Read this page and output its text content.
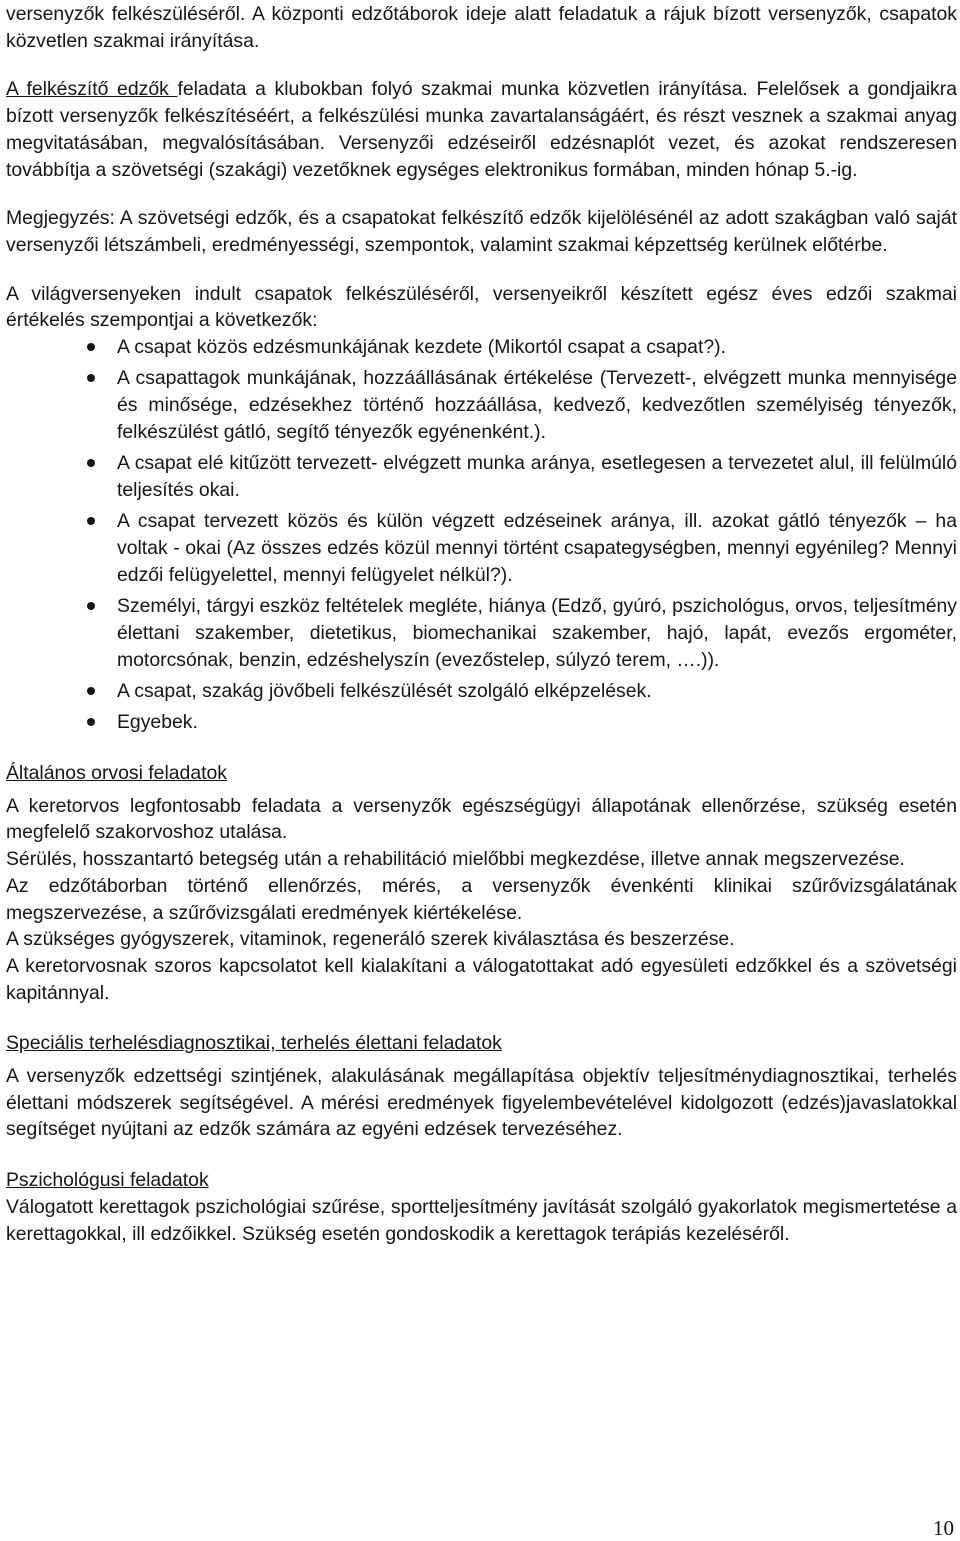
versenyzők felkészüléséről. A központi edzőtáborok ideje alatt feladatuk a rájuk bízott versenyzők, csapatok közvetlen szakmai irányítása.

A felkészítő edzők feladata a klubokban folyó szakmai munka közvetlen irányítása. Felelősek a gondjaikra bízott versenyzők felkészítéséért, a felkészülési munka zavartalanságáért, és részt vesznek a szakmai anyag megvitatásában, megvalósításában. Versenyzői edzéseiről edzésnaplót vezet, és azokat rendszeresen továbbítja a szövetségi (szakági) vezetőknek egységes elektronikus formában, minden hónap 5.-ig.

Megjegyzés: A szövetségi edzők, és a csapatokat felkészítő edzők kijelölésénél az adott szakágban való saját versenyzői létszámbeli, eredményességi, szempontok, valamint szakmai képzettség kerülnek előtérbe.

A világversenyeken indult csapatok felkészüléséről, versenyeikről készített egész éves edzői szakmai értékelés szempontjai a következők:

A csapat közös edzésmunkájának kezdete (Mikortól csapat a csapat?).
A csapattagok munkájának, hozzáállásának értékelése (Tervezett-, elvégzett munka mennyisége és minősége, edzésekhez történő hozzáállása, kedvező, kedvezőtlen személyiség tényezők, felkészülést gátló, segítő tényezők egyénenként.).
A csapat elé kitűzött tervezett- elvégzett munka aránya, esetlegesen a tervezetet alul, ill felülmúló teljesítés okai.
A csapat tervezett közös és külön végzett edzéseinek aránya, ill. azokat gátló tényezők – ha voltak - okai (Az összes edzés közül mennyi történt csapategységben, mennyi egyénileg? Mennyi edzői felügyelettel, mennyi felügyelet nélkül?).
Személyi, tárgyi eszköz feltételek megléte, hiánya (Edző, gyúró, pszichológus, orvos, teljesítmény élettani szakember, dietetikus, biomechanikai szakember, hajó, lapát, evezős ergométer, motorcsónak, benzin, edzéshelyszín (evezőstelep, súlyzó terem, ….)).
A csapat, szakág jövőbeli felkészülését szolgáló elképzelések.
Egyebek.

Általános orvosi feladatok

A keretorvos legfontosabb feladata a versenyzők egészségügyi állapotának ellenőrzése, szükség esetén megfelelő szakorvoshoz utalása.

Sérülés, hosszantartó betegség után a rehabilitáció mielőbbi megkezdése, illetve annak megszervezése.

Az edzőtáborban történő ellenőrzés, mérés, a versenyzők évenkénti klinikai szűrővizsgálatának megszervezése, a szűrővizsgálati eredmények kiértékelése.

A szükséges gyógyszerek, vitaminok, regeneráló szerek kiválasztása és beszerzése.

A keretorvosnak szoros kapcsolatot kell kialakítani a válogatottakat adó egyesületi edzőkkel és a szövetségi kapitánnyal.

Speciális terhelésdiagnosztikai, terhelés élettani feladatok

A versenyzők edzettségi szintjének, alakulásának megállapítása objektív teljesítménydiagnosztikai, terhelés élettani módszerek segítségével. A mérési eredmények figyelembevételével kidolgozott (edzés)javaslatokkal segítséget nyújtani az edzők számára az egyéni edzések tervezéséhez.

Pszichológusi feladatok

Válogatott kerettagok pszichológiai szűrése, sportteljesítmény javítását szolgáló gyakorlatok megismertetése a kerettagokkal, ill edzőikkel. Szükség esetén gondoskodik a kerettagok terápiás kezeléséről.

10
